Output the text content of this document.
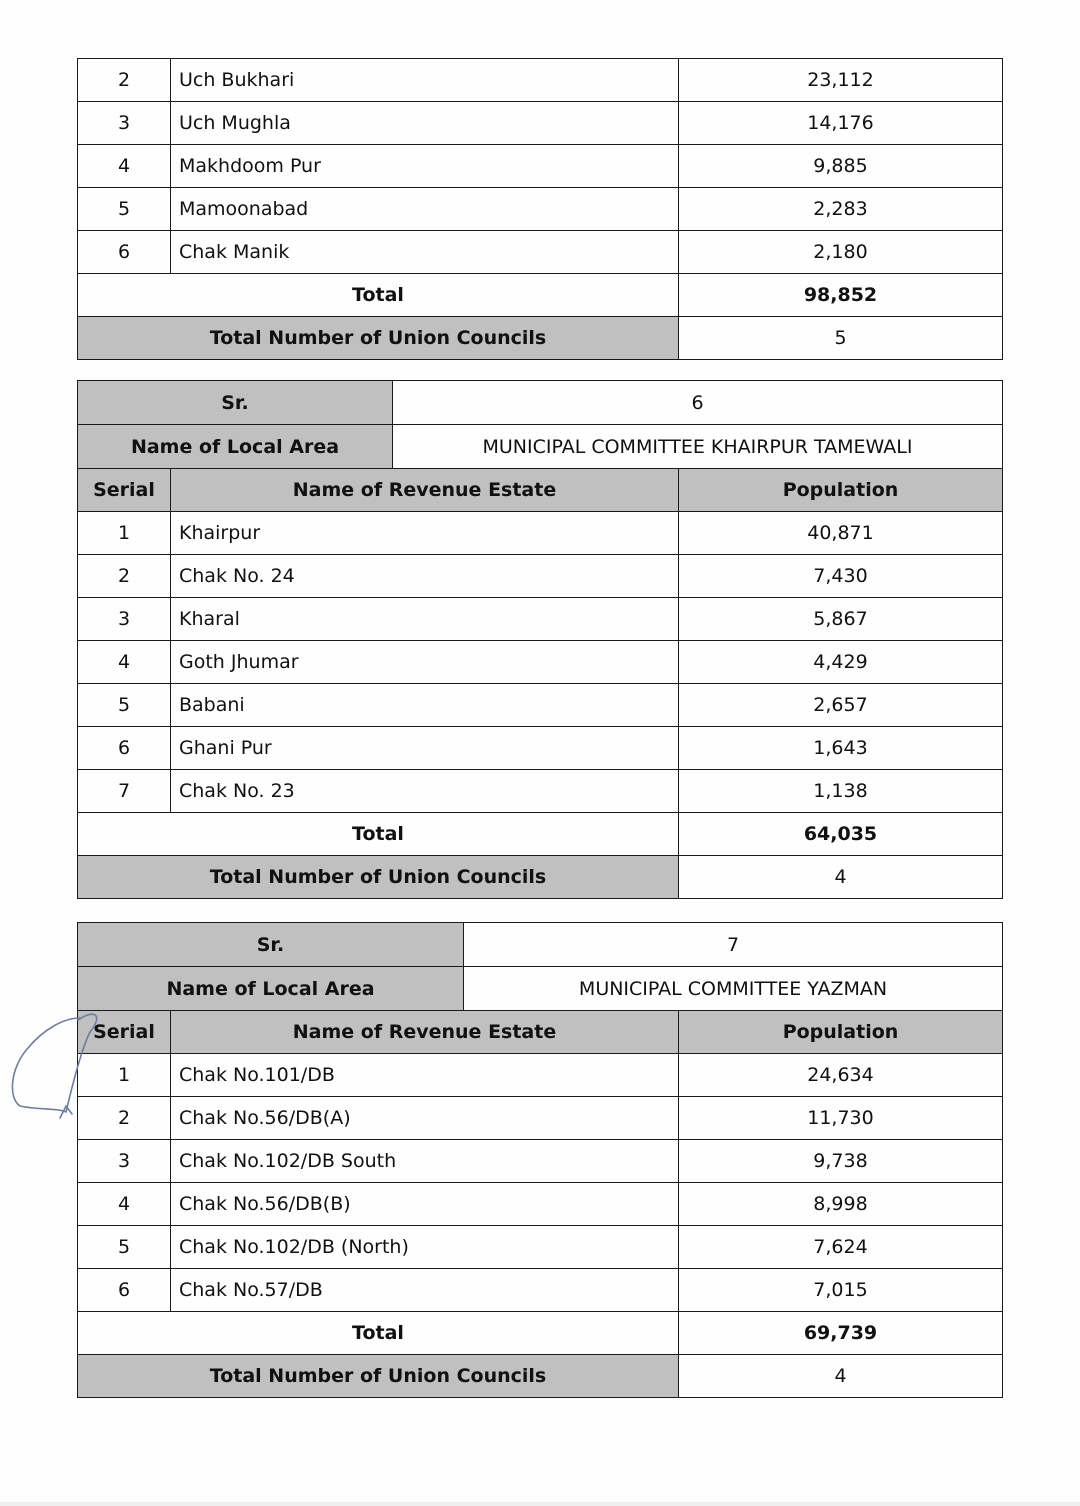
2	Uch Bukhari	23,112
3	Uch Mughla	14,176
4	Makhdoom Pur	9,885
5	Mamoonabad	2,283
6	Chak Manik	2,180
Total		98,852
Total Number of Union Councils		5
Sr.	6
Name of Local Area	MUNICIPAL COMMITTEE KHAIRPUR TAMEWALI
Serial	Name of Revenue Estate	Population
1	Khairpur	40,871
2	Chak No. 24	7,430
3	Kharal	5,867
4	Goth Jhumar	4,429
5	Babani	2,657
6	Ghani Pur	1,643
7	Chak No. 23	1,138
Total		64,035
Total Number of Union Councils		4
Sr.	7
Name of Local Area	MUNICIPAL COMMITTEE YAZMAN
Serial	Name of Revenue Estate	Population
1	Chak No.101/DB	24,634
2	Chak No.56/DB(A)	11,730
3	Chak No.102/DB South	9,738
4	Chak No.56/DB(B)	8,998
5	Chak No.102/DB (North)	7,624
6	Chak No.57/DB	7,015
Total		69,739
Total Number of Union Councils		4
